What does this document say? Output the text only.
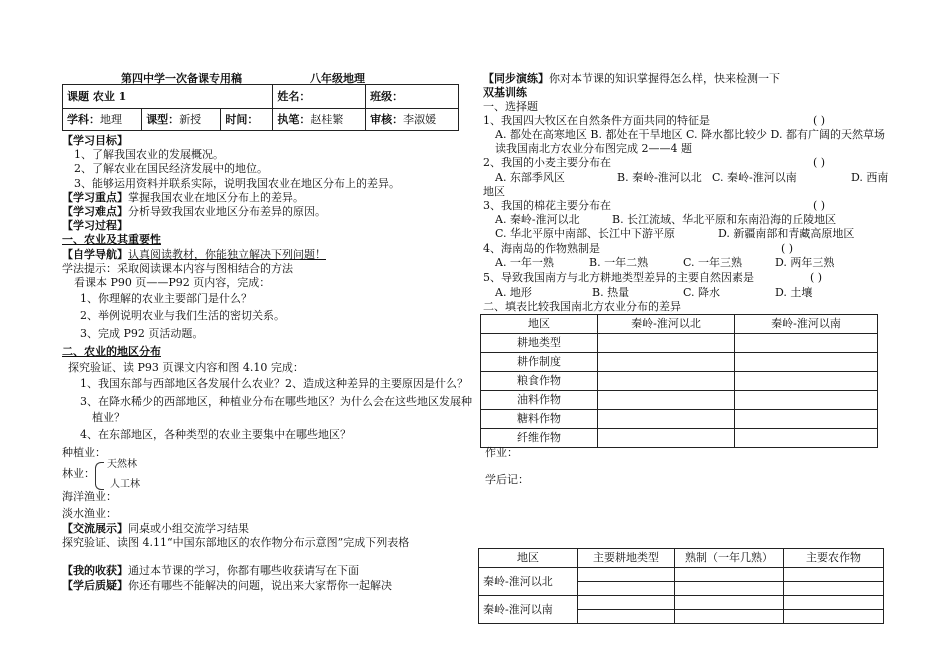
第四中学一次备课专用稿	八年级地理
课题 农业 1			姓名：	班级：
学科：地理	课型：新授	时间：	执笔：赵桂繁	审核：李淑媛
【学习目标】
1、了解我国农业的发展概况。
2、了解农业在国民经济发展中的地位。
3、能够运用资料并联系实际，说明我国农业在地区分布上的差异。
【学习重点】掌握我国农业在地区分布上的差异。
【学习难点】分析导致我国农业地区分布差异的原因。
【学习过程】
一、农业及其重要性
【自学导航】认真阅读教材，你能独立解决下列问题！
学法提示：采取阅读课本内容与图相结合的方法
看课本 P90 页——P92 页内容，完成：
1、你理解的农业主要部门是什么？
2、举例说明农业与我们生活的密切关系。
3、完成 P92 页活动题。
二、农业的地区分布
探究验证、读 P93 页课文内容和图 4.10 完成：
1、我国东部与西部地区各发展什么农业？2、造成这种差异的主要原因是什么？
3、在降水稀少的西部地区，种植业分布在哪些地区？为什么会在这些地区发展种
植业？
4、在东部地区，各种类型的农业主要集中在哪些地区？
种植业：
林业：
天然林
人工林
海洋渔业：
淡水渔业：
【交流展示】同桌或小组交流学习结果
探究验证、读图 4.11“中国东部地区的农作物分布示意图”完成下列表格
【我的收获】通过本节课的学习，你都有哪些收获请写在下面
【学后质疑】你还有哪些不能解决的问题，说出来大家帮你一起解决
【同步演练】你对本节课的知识掌握得怎么样，快来检测一下
双基训练
一、选择题
1、我国四大牧区在自然条件方面共同的特征是	( )
A. 都处在高寒地区 B. 都处在干旱地区 C. 降水都比较少 D. 都有广阔的天然草场
读我国南北方农业分布图完成 2——4 题
2、我国的小麦主要分布在	( )
A. 东部季风区	B. 秦岭-淮河以北 C. 秦岭-淮河以南	D. 西南
地区
3、我国的棉花主要分布在	( )
A. 秦岭-淮河以北	B. 长江流域、华北平原和东南沿海的丘陵地区
C. 华北平原中南部、长江中下游平原	D. 新疆南部和青藏高原地区
4、海南岛的作物熟制是	( )
A. 一年一熟	B. 一年二熟	C. 一年三熟	D. 两年三熟
5、导致我国南方与北方耕地类型差异的主要自然因素是	( )
A. 地形	B. 热量	C. 降水	D. 土壤
二、填表比较我国南北方农业分布的差异
地区	秦岭-淮河以北	秦岭-淮河以南
耕地类型		
耕作制度		
粮食作物		
油料作物		
糖料作物		
纤维作物		
作业：
学后记：
地区	主要耕地类型	熟制（一年几熟）	主要农作物
秦岭-淮河以北			

秦岭-淮河以南			
